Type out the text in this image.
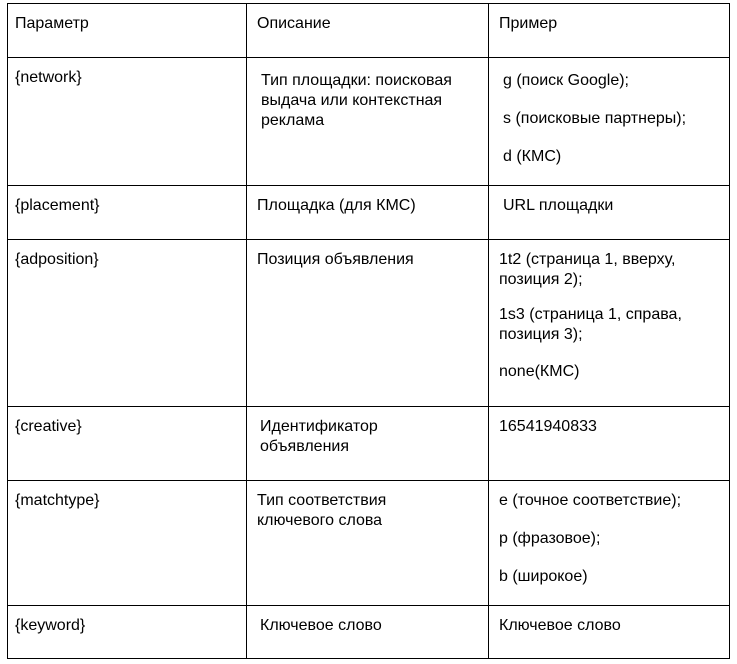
Параметр	Описание	Пример

{network}	Тип площадки: поисковая
выдача или контекстная
реклама	g (поиск Google);
s (поисковые партнеры);
d (КМС)

{placement}	Площадка (для КМС)	URL площадки

{adposition}	Позиция объявления	1t2 (страница 1, вверху,
позиция 2);
1s3 (страница 1, справа,
позиция 3);
none(КМС)

{creative}	Идентификатор
объявления	16541940833

{matchtype}	Тип соответствия
ключевого слова	e (точное соответствие);
p (фразовое);
b (широкое)

{keyword}	Ключевое слово	Ключевое слово
